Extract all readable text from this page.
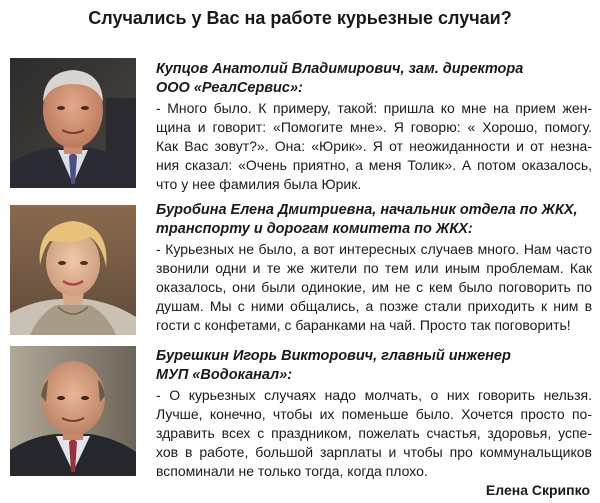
Случались у Вас на работе курьезные случаи?
Купцов Анатолий Владимирович, зам. директора
ООО «РеалСервис»:
- Много было. К примеру, такой: пришла ко мне на прием жен-
щина и говорит: «Помогите мне». Я говорю: « Хорошо, помогу.
Как Вас зовут?». Она: «Юрик». Я от неожиданности и от незна-
ния сказал: «Очень приятно, а меня Толик». А потом оказалось,
что у нее фамилия была Юрик.
Буробина Елена Дмитриевна, начальник отдела по ЖКХ,
транспорту и дорогам комитета по ЖКХ:
- Курьезных не было, а вот интересных случаев много. Нам часто
звонили одни и те же жители по тем или иным проблемам. Как
оказалось, они были одинокие, им не с кем было поговорить по
душам. Мы с ними общались, а позже стали приходить к ним в
гости с конфетами, с баранками на чай. Просто так поговорить!
Бурешкин Игорь Викторович, главный инженер
МУП «Водоканал»:
- О курьезных случаях надо молчать, о них говорить нельзя.
Лучше, конечно, чтобы их поменьше было. Хочется просто по-
здравить всех с праздником, пожелать счастья, здоровья, успе-
хов в работе, большой зарплаты и чтобы про коммунальщиков
вспоминали не только тогда, когда плохо.
Елена Скрипко
